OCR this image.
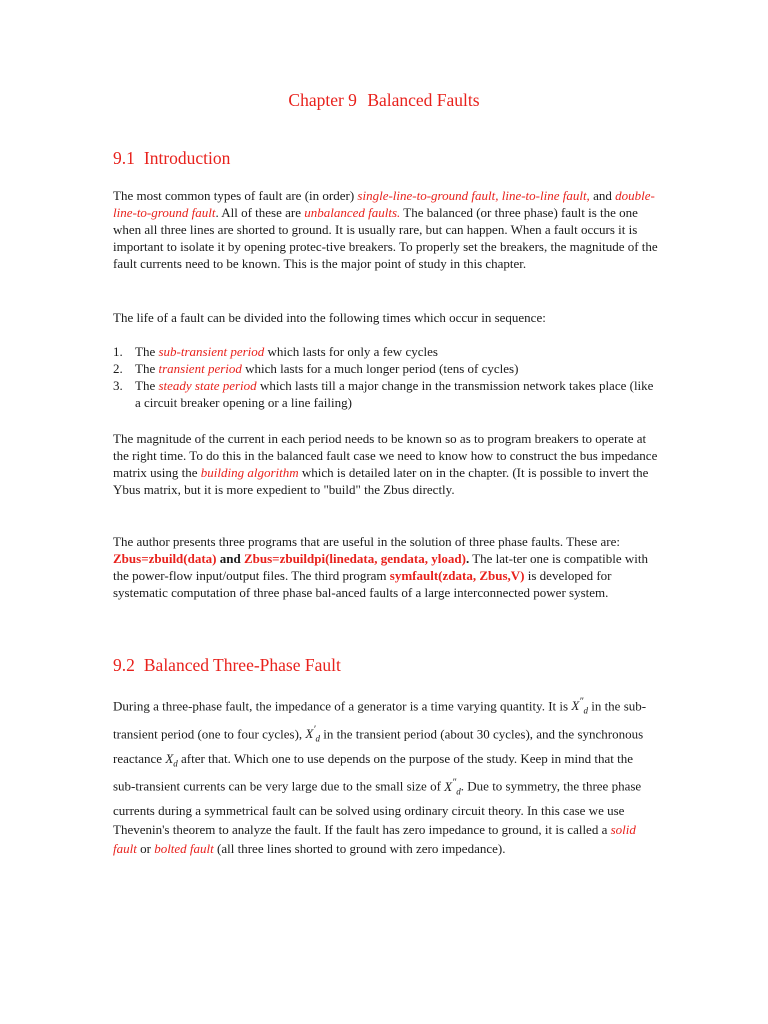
Chapter 9 Balanced Faults
9.1 Introduction
The most common types of fault are (in order) single-line-to-ground fault, line-to-line fault, and double-line-to-ground fault. All of these are unbalanced faults. The balanced (or three phase) fault is the one when all three lines are shorted to ground. It is usually rare, but can happen. When a fault occurs it is important to isolate it by opening protec-tive breakers. To properly set the breakers, the magnitude of the fault currents need to be known. This is the major point of study in this chapter.
The life of a fault can be divided into the following times which occur in sequence:
1. The sub-transient period which lasts for only a few cycles
2. The transient period which lasts for a much longer period (tens of cycles)
3. The steady state period which lasts till a major change in the transmission network takes place (like a circuit breaker opening or a line failing)
The magnitude of the current in each period needs to be known so as to program breakers to operate at the right time. To do this in the balanced fault case we need to know how to construct the bus impedance matrix using the building algorithm which is detailed later on in the chapter. (It is possible to invert the Ybus matrix, but it is more expedient to "build" the Zbus directly.
The author presents three programs that are useful in the solution of three phase faults. These are: Zbus=zbuild(data) and Zbus=zbuildpi(linedata, gendata, yload). The lat-ter one is compatible with the power-flow input/output files. The third program symfault(zdata, Zbus,V) is developed for systematic computation of three phase bal-anced faults of a large interconnected power system.
9.2 Balanced Three-Phase Fault
During a three-phase fault, the impedance of a generator is a time varying quantity. It is $X''_d$ in the sub-transient period (one to four cycles), $X'_d$ in the transient period (about 30 cycles), and the synchronous reactance $X_d$ after that. Which one to use depends on the purpose of the study. Keep in mind that the sub-transient currents can be very large due to the small size of $X''_d$. Due to symmetry, the three phase currents during a symmetrical fault can be solved using ordinary circuit theory. In this case we use Thevenin's theorem to analyze the fault. If the fault has zero impedance to ground, it is called a solid fault or bolted fault (all three lines shorted to ground with zero impedance).
